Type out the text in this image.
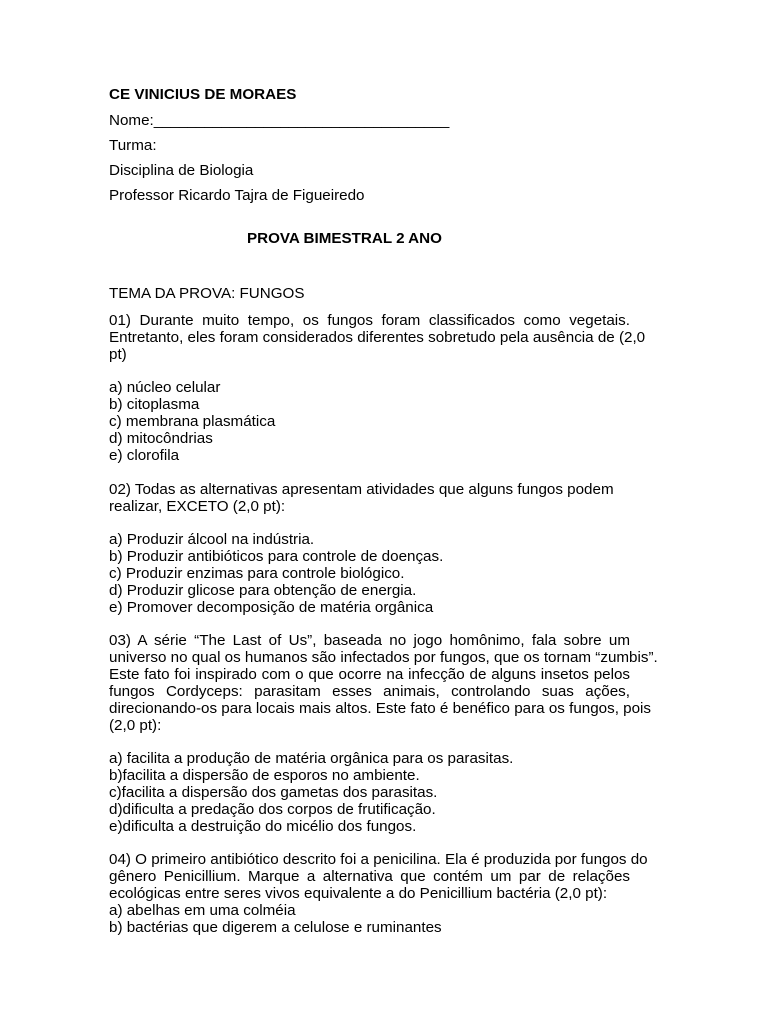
CE VINICIUS DE MORAES
Nome:___________________________________
Turma:
Disciplina de Biologia
Professor Ricardo Tajra de Figueiredo
PROVA BIMESTRAL 2 ANO
TEMA DA PROVA: FUNGOS
01) Durante muito tempo, os fungos foram classificados como vegetais.
Entretanto, eles foram considerados diferentes sobretudo pela ausência de (2,0
pt)
a) núcleo celular
b) citoplasma
c) membrana plasmática
d) mitocôndrias
e) clorofila
02) Todas as alternativas apresentam atividades que alguns fungos podem
realizar, EXCETO (2,0 pt):
a) Produzir álcool na indústria.
b) Produzir antibióticos para controle de doenças.
c) Produzir enzimas para controle biológico.
d) Produzir glicose para obtenção de energia.
e) Promover decomposição de matéria orgânica
03) A série “The Last of Us”, baseada no jogo homônimo, fala sobre um
universo no qual os humanos são infectados por fungos, que os tornam “zumbis”.
Este fato foi inspirado com o que ocorre na infecção de alguns insetos pelos
fungos Cordyceps: parasitam esses animais, controlando suas ações,
direcionando-os para locais mais altos. Este fato é benéfico para os fungos, pois
(2,0 pt):
a) facilita a produção de matéria orgânica para os parasitas.
b)facilita a dispersão de esporos no ambiente.
c)facilita a dispersão dos gametas dos parasitas.
d)dificulta a predação dos corpos de frutificação.
e)dificulta a destruição do micélio dos fungos.
04) O primeiro antibiótico descrito foi a penicilina. Ela é produzida por fungos do
gênero Penicillium. Marque a alternativa que contém um par de relações
ecológicas entre seres vivos equivalente a do Penicillium bactéria (2,0 pt):
a) abelhas em uma colméia
b) bactérias que digerem a celulose e ruminantes
